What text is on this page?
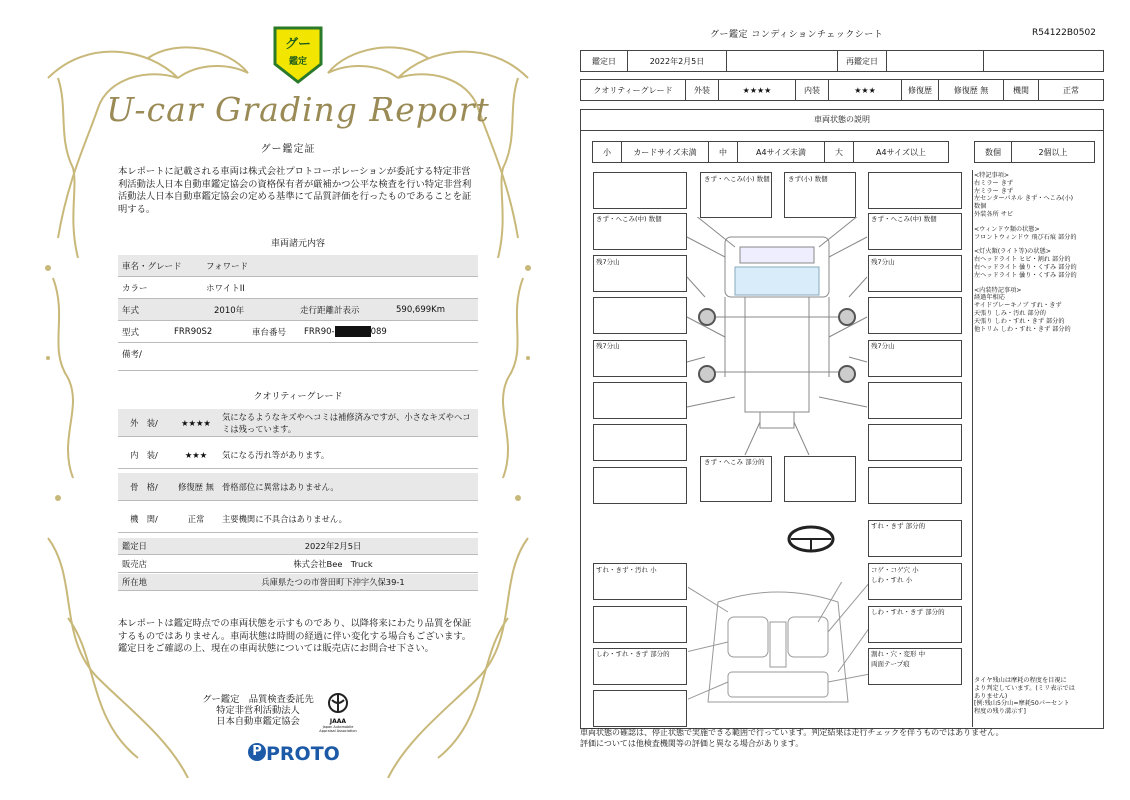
グー
鑑定
U-car Grading Report
グー鑑定証
本レポートに記載される車両は株式会社プロトコーポレーションが委託する特定非営利活動法人日本自動車鑑定協会の資格保有者が厳補かつ公平な検査を行い特定非営利活動法人日本自動車鑑定協会の定める基準にて品質評価を行ったものであることを証明する。
車両諸元内容
車名・グレード	フォワード
カラー	ホワイトII
年式	2010年	走行距離計表示	590,699Km
型式	FRR90S2	車台番号 FRR90-	089
備考/
クオリティーグレード
外　装/	★★★★
気になるようなキズやヘコミは補修済みですが、小さなキズやヘコミは残っています。
内　装/	★★★	気になる汚れ等があります。
骨　格/	修復歴 無 骨格部位に異常はありません。
機　関/	正常	主要機関に不具合はありません。
鑑定日	2022年2月5日
販売店	株式会社Bee　Truck
所在地	兵庫県たつの市誉田町下沖宇久保39-1
本レポートは鑑定時点での車両状態を示すものであり、以降将来にわたり品質を保証するものではありません。車両状態は時間の経過に伴い変化する場合もございます。鑑定日をご確認の上、現在の車両状態については販売店にお問合せ下さい。
グー鑑定　品質検査委託先
特定非営利活動法人
日本自動車鑑定協会	JAAA
Japan Automobile Appraisal Association
P PROTO
グー鑑定 コンディションチェックシート	R54122B0502
鑑定日	2022年2月5日	再鑑定日
クオリティーグレード	外装	★★★★	内装	★★★	修復歴	修復歴 無	機関	正常
車両状態の説明
小	カードサイズ未満	中	A4サイズ未満	大	A4サイズ以上	数個	2個以上
<特記事項>
右ミラー きず
左ミラー きず
左センターパネル きず・へこみ(小)
数個
外装各所 サビ
<ウィンドウ類の状態>
フロントウィンドウ 飛び石痕 部分的
<灯火類(ライト等)の状態>
右ヘッドライト ヒビ・割れ 部分的
右ヘッドライト 曇り・くすみ 部分的
左ヘッドライト 曇り・くすみ 部分的
<内装特記事項>
経過年相応
サイドブレーキノブ すれ・きず
天張り しみ・汚れ 部分的
天張り しわ・すれ・きず 部分的
他トリム しわ・すれ・きず 部分的
タイヤ残山は摩耗の程度を目視に
より判定しています。(ミリ表示では
ありません)
[例:残山5分山=摩耗50パーセント
程度の残り溝示す]
きず・へこみ(小) 数個	きず(小) 数個
きず・へこみ(中) 数個	きず・へこみ(中) 数個
残7分山	残7分山
残7分山	残7分山
きず・へこみ 部分的
すれ・きず 部分的
すれ・きず・汚れ 小	コゲ・コゲ穴 小
しわ・すれ 小
しわ・すれ・きず 部分的
しわ・すれ・きず 部分的	割れ・穴・変形 中
両面テープ痕
車両状態の確認は、停止状態で実施できる範囲で行っています。判定結果は走行チェックを伴うものではありません。
評価については他検査機関等の評価と異なる場合があります。
